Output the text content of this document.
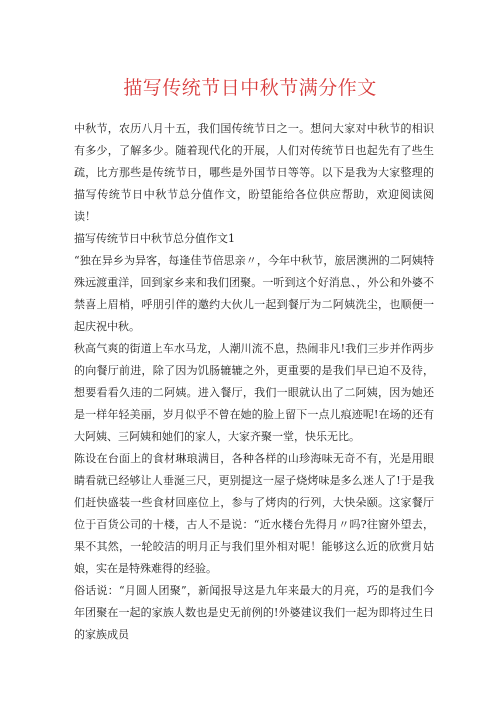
描写传统节日中秋节满分作文

中秋节，农历八月十五，我们国传统节日之一。想问大家对中秋节的相识有多少，了解多少。随着现代化的开展，人们对传统节日也起先有了些生疏，比方那些是传统节日，哪些是外国节日等等。以下是我为大家整理的描写传统节日中秋节总分值作文，盼望能给各位供应帮助，欢迎阅读阅读！

描写传统节日中秋节总分值作文1

“独在异乡为异客，每逢佳节倍思亲〃，今年中秋节，旅居澳洲的二阿姨特殊远渡重洋，回到家乡来和我们团聚。一听到这个好消息、，外公和外婆不禁喜上眉梢，呼朋引伴的邀约大伙儿一起到餐厅为二阿姨洗尘，也顺便一起庆祝中秋。

秋高气爽的街道上车水马龙，人潮川流不息，热闹非凡!我们三步并作两步的向餐厅前进，除了因为饥肠辘辘之外，更重要的是我们早已迫不及待，想要看看久违的二阿姨。进入餐厅，我们一眼就认出了二阿姨，因为她还是一样年轻美丽，岁月似乎不曾在她的脸上留下一点儿痕迹呢!在场的还有大阿姨、三阿姨和她们的家人，大家齐聚一堂，快乐无比。

陈设在台面上的食材琳琅满目，各种各样的山珍海味无奇不有，光是用眼睛看就已经够让人垂涎三尺，更别提这一屋子烧烤味是多么迷人了!于是我们赶快盛装一些食材回座位上，参与了烤肉的行列，大快朵颐。这家餐厅位于百货公司的十楼，古人不是说：“近水楼台先得月〃吗?往窗外望去，果不其然，一轮皎洁的明月正与我们里外相对呢！能够这么近的欣赏月姑娘，实在是特殊难得的经验。

俗话说：“月圆人团聚”，新闻报导这是九年来最大的月亮，巧的是我们今年团聚在一起的家族人数也是史无前例的!外婆建议我们一起为即将过生日的家族成员
